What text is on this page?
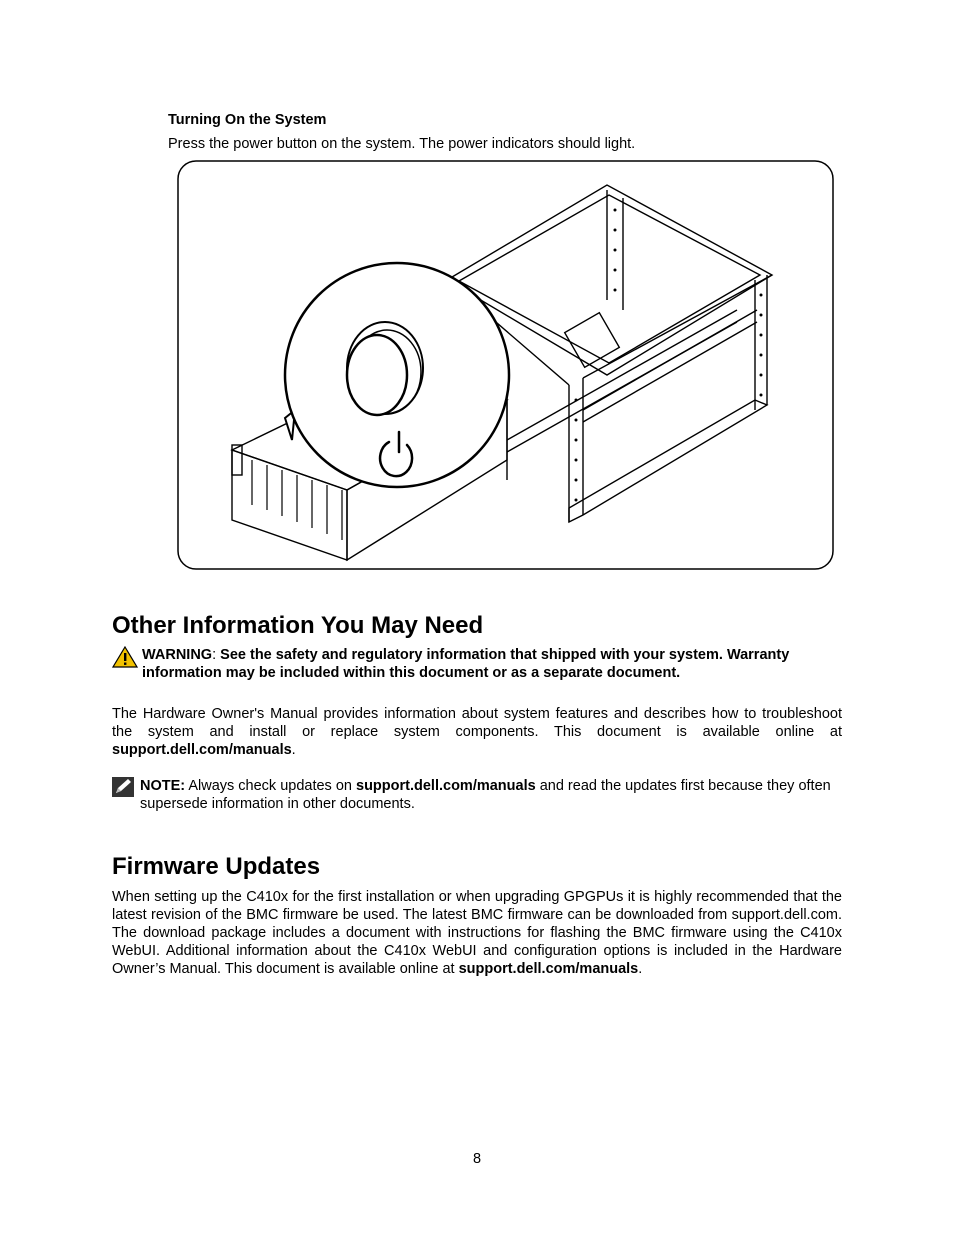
Turning On the System
Press the power button on the system. The power indicators should light.
Other Information You May Need
WARNING: See the safety and regulatory information that shipped with your system. Warranty information may be included within this document or as a separate document.
The Hardware Owner's Manual provides information about system features and describes how to troubleshoot the system and install or replace system components. This document is available online at support.dell.com/manuals.
NOTE: Always check updates on support.dell.com/manuals and read the updates first because they often supersede information in other documents.
Firmware Updates
When setting up the C410x for the first installation or when upgrading GPGPUs it is highly recommended that the latest revision of the BMC firmware be used. The latest BMC firmware can be downloaded from support.dell.com. The download package includes a document with instructions for flashing the BMC firmware using the C410x WebUI. Additional information about the C410x WebUI and configuration options is included in the Hardware Owner’s Manual. This document is available online at support.dell.com/manuals.
8
